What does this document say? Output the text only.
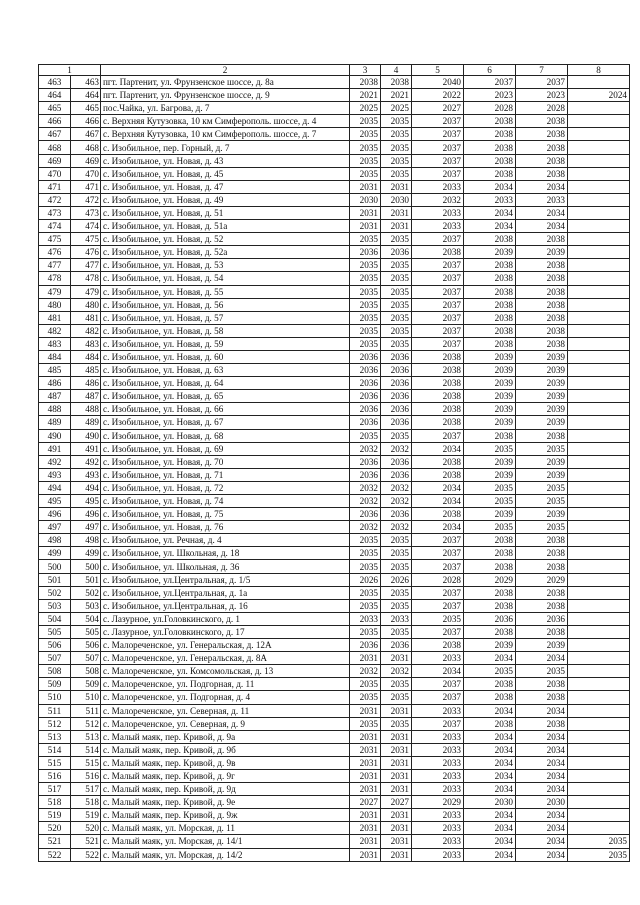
1		2	3	4	5	6	7	8
463	463	пгт. Партенит, ул. Фрунзенское шоссе, д. 8а	2038	2038	2040	2037	2037	
464	464	пгт. Партенит, ул. Фрунзенское шоссе, д. 9	2021	2021	2022	2023	2023	2024
465	465	пос.Чайка, ул. Багрова, д. 7	2025	2025	2027	2028	2028	
466	466	с. Верхняя Кутузовка, 10 км Симферополь. шоссе, д. 4	2035	2035	2037	2038	2038	
467	467	с. Верхняя Кутузовка, 10 км Симферополь. шоссе, д. 7	2035	2035	2037	2038	2038	
468	468	с. Изобильное, пер. Горный, д. 7	2035	2035	2037	2038	2038	
469	469	с. Изобильное, ул. Новая, д. 43	2035	2035	2037	2038	2038	
470	470	с. Изобильное, ул. Новая, д. 45	2035	2035	2037	2038	2038	
471	471	с. Изобильное, ул. Новая, д. 47	2031	2031	2033	2034	2034	
472	472	с. Изобильное, ул. Новая, д. 49	2030	2030	2032	2033	2033	
473	473	с. Изобильное, ул. Новая, д. 51	2031	2031	2033	2034	2034	
474	474	с. Изобильное, ул. Новая, д. 51а	2031	2031	2033	2034	2034	
475	475	с. Изобильное, ул. Новая, д. 52	2035	2035	2037	2038	2038	
476	476	с. Изобильное, ул. Новая, д. 52а	2036	2036	2038	2039	2039	
477	477	с. Изобильное, ул. Новая, д. 53	2035	2035	2037	2038	2038	
478	478	с. Изобильное, ул. Новая, д. 54	2035	2035	2037	2038	2038	
479	479	с. Изобильное, ул. Новая, д. 55	2035	2035	2037	2038	2038	
480	480	с. Изобильное, ул. Новая, д. 56	2035	2035	2037	2038	2038	
481	481	с. Изобильное, ул. Новая, д. 57	2035	2035	2037	2038	2038	
482	482	с. Изобильное, ул. Новая, д. 58	2035	2035	2037	2038	2038	
483	483	с. Изобильное, ул. Новая, д. 59	2035	2035	2037	2038	2038	
484	484	с. Изобильное, ул. Новая, д. 60	2036	2036	2038	2039	2039	
485	485	с. Изобильное, ул. Новая, д. 63	2036	2036	2038	2039	2039	
486	486	с. Изобильное, ул. Новая, д. 64	2036	2036	2038	2039	2039	
487	487	с. Изобильное, ул. Новая, д. 65	2036	2036	2038	2039	2039	
488	488	с. Изобильное, ул. Новая, д. 66	2036	2036	2038	2039	2039	
489	489	с. Изобильное, ул. Новая, д. 67	2036	2036	2038	2039	2039	
490	490	с. Изобильное, ул. Новая, д. 68	2035	2035	2037	2038	2038	
491	491	с. Изобильное, ул. Новая, д. 69	2032	2032	2034	2035	2035	
492	492	с. Изобильное, ул. Новая, д. 70	2036	2036	2038	2039	2039	
493	493	с. Изобильное, ул. Новая, д. 71	2036	2036	2038	2039	2039	
494	494	с. Изобильное, ул. Новая, д. 72	2032	2032	2034	2035	2035	
495	495	с. Изобильное, ул. Новая, д. 74	2032	2032	2034	2035	2035	
496	496	с. Изобильное, ул. Новая, д. 75	2036	2036	2038	2039	2039	
497	497	с. Изобильное, ул. Новая, д. 76	2032	2032	2034	2035	2035	
498	498	с. Изобильное, ул. Речная, д. 4	2035	2035	2037	2038	2038	
499	499	с. Изобильное, ул. Школьная, д. 18	2035	2035	2037	2038	2038	
500	500	с. Изобильное, ул. Школьная, д. 36	2035	2035	2037	2038	2038	
501	501	с. Изобильное, ул.Центральная, д. 1/5	2026	2026	2028	2029	2029	
502	502	с. Изобильное, ул.Центральная, д. 1а	2035	2035	2037	2038	2038	
503	503	с. Изобильное, ул.Центральная, д. 16	2035	2035	2037	2038	2038	
504	504	с. Лазурное, ул.Головкинского, д. 1	2033	2033	2035	2036	2036	
505	505	с. Лазурное, ул.Головкинского, д. 17	2035	2035	2037	2038	2038	
506	506	с. Малореченское, ул. Генеральская, д. 12А	2036	2036	2038	2039	2039	
507	507	с. Малореченское, ул. Генеральская, д. 8А	2031	2031	2033	2034	2034	
508	508	с. Малореченское, ул. Комсомольская, д. 13	2032	2032	2034	2035	2035	
509	509	с. Малореченское, ул. Подгорная, д. 11	2035	2035	2037	2038	2038	
510	510	с. Малореченское, ул. Подгорная, д. 4	2035	2035	2037	2038	2038	
511	511	с. Малореченское, ул. Северная, д. 11	2031	2031	2033	2034	2034	
512	512	с. Малореченское, ул. Северная, д. 9	2035	2035	2037	2038	2038	
513	513	с. Малый маяк, пер. Кривой, д. 9а	2031	2031	2033	2034	2034	
514	514	с. Малый маяк, пер. Кривой, д. 9б	2031	2031	2033	2034	2034	
515	515	с. Малый маяк, пер. Кривой, д. 9в	2031	2031	2033	2034	2034	
516	516	с. Малый маяк, пер. Кривой, д. 9г	2031	2031	2033	2034	2034	
517	517	с. Малый маяк, пер. Кривой, д. 9д	2031	2031	2033	2034	2034	
518	518	с. Малый маяк, пер. Кривой, д. 9е	2027	2027	2029	2030	2030	
519	519	с. Малый маяк, пер. Кривой, д. 9ж	2031	2031	2033	2034	2034	
520	520	с. Малый маяк, ул. Морская, д. 11	2031	2031	2033	2034	2034	
521	521	с. Малый маяк, ул. Морская, д. 14/1	2031	2031	2033	2034	2034	2035
522	522	с. Малый маяк, ул. Морская, д. 14/2	2031	2031	2033	2034	2034	2035
